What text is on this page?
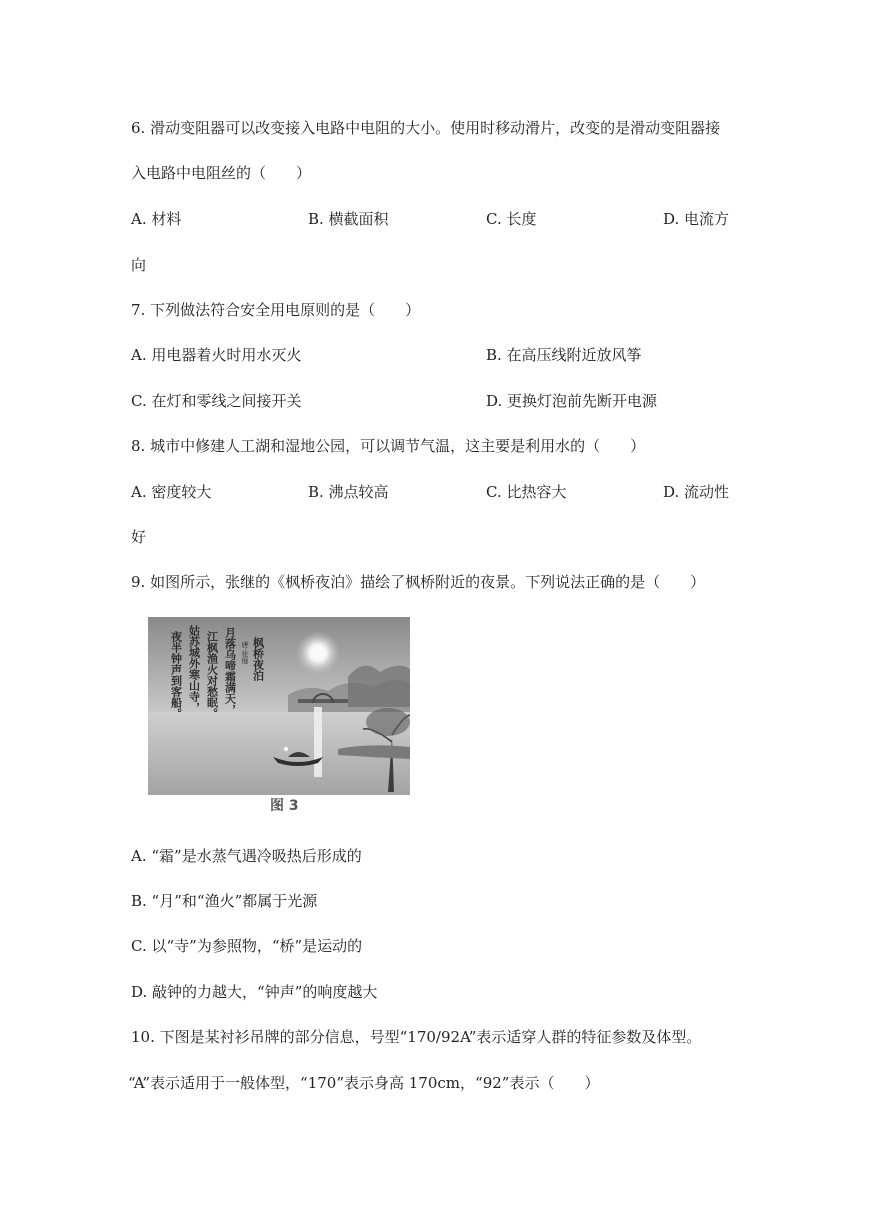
6. 滑动变阻器可以改变接入电路中电阻的大小。使用时移动滑片，改变的是滑动变阻器接
入电路中电阻丝的（　　）
A. 材料	B. 横截面积	C. 长度	D. 电流方
向
7. 下列做法符合安全用电原则的是（　　）
A. 用电器着火时用水灭火	B. 在高压线附近放风筝
C. 在灯和零线之间接开关	D. 更换灯泡前先断开电源
8. 城市中修建人工湖和湿地公园，可以调节气温，这主要是利用水的（　　）
A. 密度较大	B. 沸点较高	C. 比热容大	D. 流动性
好
9. 如图所示，张继的《枫桥夜泊》描绘了枫桥附近的夜景。下列说法正确的是（　　）
枫桥夜泊
唐·张继
月落乌啼霜满天，
江枫渔火对愁眠。
姑苏城外寒山寺，
夜半钟声到客船。
图 3
A. “霜”是水蒸气遇冷吸热后形成的
B. “月”和“渔火”都属于光源
C. 以“寺”为参照物，“桥”是运动的
D. 敲钟的力越大，“钟声”的响度越大
10. 下图是某衬衫吊牌的部分信息，号型“170/92A”表示适穿人群的特征参数及体型。
“A”表示适用于一般体型，“170”表示身高 170cm，“92”表示（　　）
